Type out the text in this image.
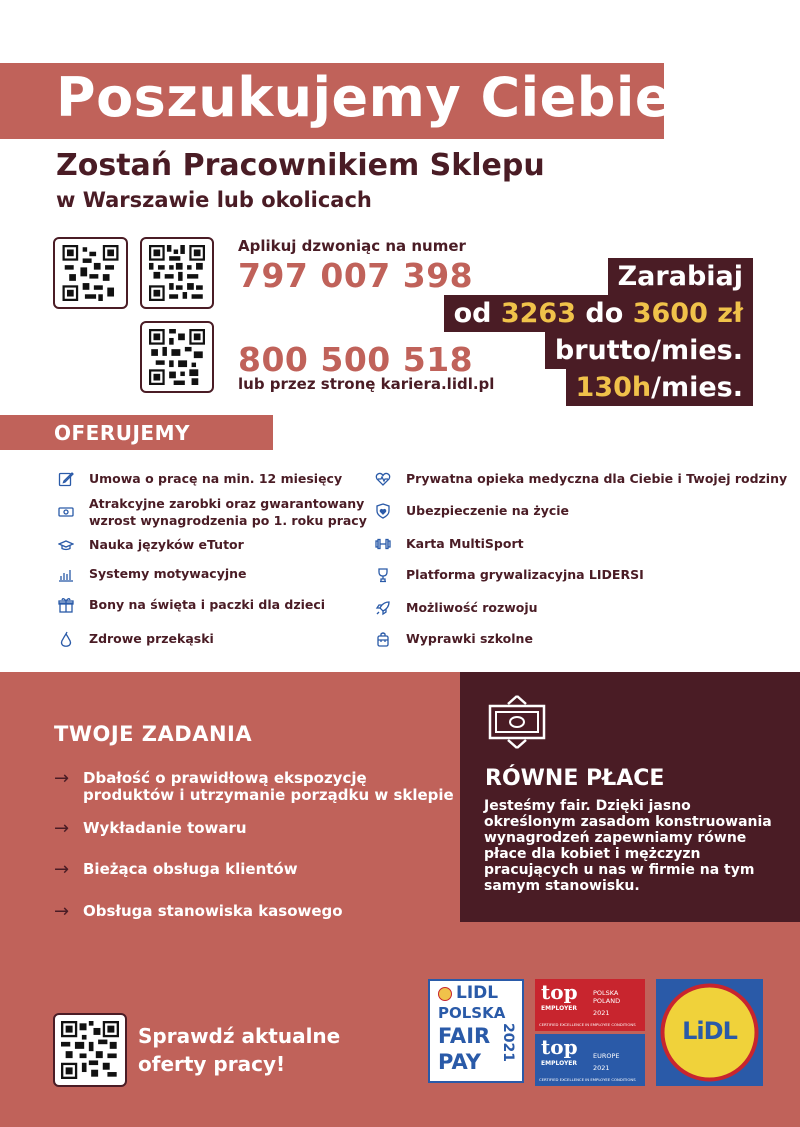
Poszukujemy Ciebie!
Zostań Pracownikiem Sklepu
w Warszawie lub okolicach
Aplikuj dzwoniąc na numer
797 007 398
800 500 518
lub przez stronę kariera.lidl.pl
Zarabiaj
od 3263 do 3600 zł
brutto/mies.
130h/mies.
OFERUJEMY
Umowa o pracę na min. 12 miesięcy
Atrakcyjne zarobki oraz gwarantowany
wzrost wynagrodzenia po 1. roku pracy
Nauka języków eTutor
Systemy motywacyjne
Bony na święta i paczki dla dzieci
Zdrowe przekąski
Prywatna opieka medyczna dla Ciebie i Twojej rodziny
Ubezpieczenie na życie
Karta MultiSport
Platforma grywalizacyjna LIDERSI
Możliwość rozwoju
Wyprawki szkolne
TWOJE ZADANIA
→ Dbałość o prawidłową ekspozycję
produktów i utrzymanie porządku w sklepie
→ Wykładanie towaru
→ Bieżąca obsługa klientów
→ Obsługa stanowiska kasowego
RÓWNE PŁACE
Jesteśmy fair. Dzięki jasno określonym zasadom konstruowania wynagrodzeń zapewniamy równe płace dla kobiet i mężczyzn pracujących u nas w firmie na tym samym stanowisku.
Sprawdź aktualne
oferty pracy!
LIDL
POLSKA
FAIR
PAY
2021
top
EMPLOYER
POLSKA
POLAND
2021
CERTIFIED EXCELLENCE IN EMPLOYEE CONDITIONS
top
EMPLOYER
EUROPE
2021
CERTIFIED EXCELLENCE IN EMPLOYEE CONDITIONS
LiDL
